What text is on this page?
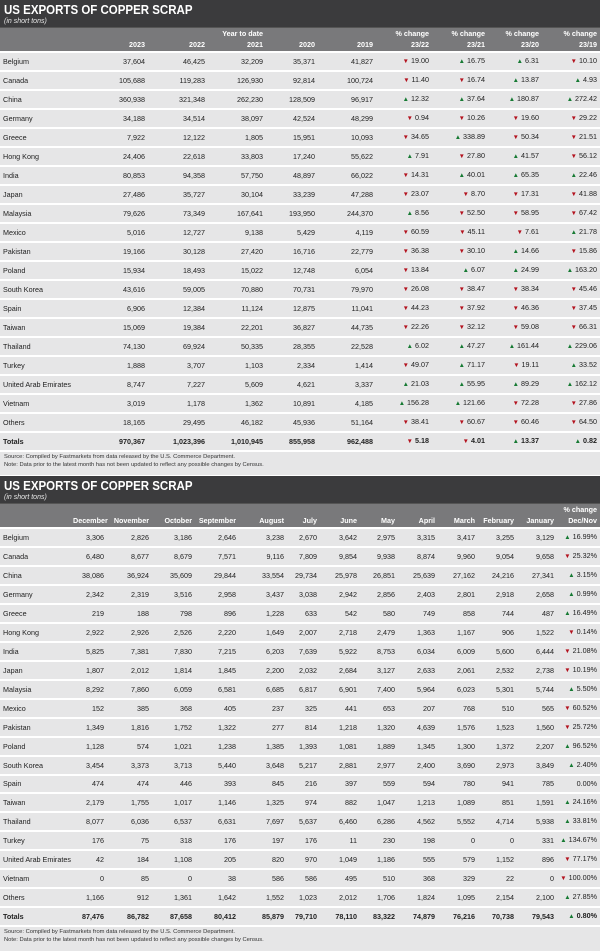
US EXPORTS OF COPPER SCRAP
(in short tons)
			Year to date			% change	% change	% change	% change
	2023	2022	2021	2020	2019	23/22	23/21	23/20	23/19
Belgium	37,604	46,425	32,209	35,371	41,827	▼ 19.00	▲ 16.75	▲ 6.31	▼ 10.10
Canada	105,688	119,283	126,930	92,814	100,724	▼ 11.40	▼ 16.74	▲ 13.87	▲ 4.93
China	360,938	321,348	262,230	128,509	96,917	▲ 12.32	▲ 37.64	▲ 180.87	▲ 272.42
Germany	34,188	34,514	38,097	42,524	48,299	▼ 0.94	▼ 10.26	▼ 19.60	▼ 29.22
Greece	7,922	12,122	1,805	15,951	10,093	▼ 34.65	▲ 338.89	▼ 50.34	▼ 21.51
Hong Kong	24,406	22,618	33,803	17,240	55,622	▲ 7.91	▼ 27.80	▲ 41.57	▼ 56.12
India	80,853	94,358	57,750	48,897	66,022	▼ 14.31	▲ 40.01	▲ 65.35	▲ 22.46
Japan	27,486	35,727	30,104	33,239	47,288	▼ 23.07	▼ 8.70	▼ 17.31	▼ 41.88
Malaysia	79,626	73,349	167,641	193,950	244,370	▲ 8.56	▼ 52.50	▼ 58.95	▼ 67.42
Mexico	5,016	12,727	9,138	5,429	4,119	▼ 60.59	▼ 45.11	▼ 7.61	▲ 21.78
Pakistan	19,166	30,128	27,420	16,716	22,779	▼ 36.38	▼ 30.10	▲ 14.66	▼ 15.86
Poland	15,934	18,493	15,022	12,748	6,054	▼ 13.84	▲ 6.07	▲ 24.99	▲ 163.20
South Korea	43,616	59,005	70,880	70,731	79,970	▼ 26.08	▼ 38.47	▼ 38.34	▼ 45.46
Spain	6,906	12,384	11,124	12,875	11,041	▼ 44.23	▼ 37.92	▼ 46.36	▼ 37.45
Taiwan	15,069	19,384	22,201	36,827	44,735	▼ 22.26	▼ 32.12	▼ 59.08	▼ 66.31
Thailand	74,130	69,924	50,335	28,355	22,528	▲ 6.02	▲ 47.27	▲ 161.44	▲ 229.06
Turkey	1,888	3,707	1,103	2,334	1,414	▼ 49.07	▲ 71.17	▼ 19.11	▲ 33.52
United Arab Emirates	8,747	7,227	5,609	4,621	3,337	▲ 21.03	▲ 55.95	▲ 89.29	▲ 162.12
Vietnam	3,019	1,178	1,362	10,891	4,185	▲ 156.28	▲ 121.66	▼ 72.28	▼ 27.86
Others	18,165	29,495	46,182	45,936	51,164	▼ 38.41	▼ 60.67	▼ 60.46	▼ 64.50
Totals	970,367	1,023,396	1,010,945	855,958	962,488	▼ 5.18	▼ 4.01	▲ 13.37	▲ 0.82
Source: Compiled by Fastmarkets from data released by the U.S. Commerce Department.
Note: Data prior to the latest month has not been updated to reflect any possible changes by Census.
US EXPORTS OF COPPER SCRAP
(in short tons)
													% change
	December	November	October	September	August	July	June	May	April	March	February	January	Dec/Nov
Belgium	3,306	2,826	3,186	2,646	3,238	2,670	3,642	2,975	3,315	3,417	3,255	3,129	▲ 16.99%
Canada	6,480	8,677	8,679	7,571	9,116	7,809	9,854	9,938	8,874	9,960	9,054	9,658	▼ 25.32%
China	38,086	36,924	35,609	29,844	33,554	29,734	25,978	26,851	25,639	27,162	24,216	27,341	▲ 3.15%
Germany	2,342	2,319	3,516	2,958	3,437	3,038	2,942	2,856	2,403	2,801	2,918	2,658	▲ 0.99%
Greece	219	188	798	896	1,228	633	542	580	749	858	744	487	▲ 16.49%
Hong Kong	2,922	2,926	2,526	2,220	1,649	2,007	2,718	2,479	1,363	1,167	906	1,522	▼ 0.14%
India	5,825	7,381	7,830	7,215	6,203	7,639	5,922	8,753	6,034	6,009	5,600	6,444	▼ 21.08%
Japan	1,807	2,012	1,814	1,845	2,200	2,032	2,684	3,127	2,633	2,061	2,532	2,738	▼ 10.19%
Malaysia	8,292	7,860	6,059	6,581	6,685	6,817	6,901	7,400	5,964	6,023	5,301	5,744	▲ 5.50%
Mexico	152	385	368	405	237	325	441	653	207	768	510	565	▼ 60.52%
Pakistan	1,349	1,816	1,752	1,322	277	814	1,218	1,320	4,639	1,576	1,523	1,560	▼ 25.72%
Poland	1,128	574	1,021	1,238	1,385	1,393	1,081	1,889	1,345	1,300	1,372	2,207	▲ 96.52%
South Korea	3,454	3,373	3,713	5,440	3,648	5,217	2,881	2,977	2,400	3,690	2,973	3,849	▲ 2.40%
Spain	474	474	446	393	845	216	397	559	594	780	941	785	0.00%
Taiwan	2,179	1,755	1,017	1,146	1,325	974	882	1,047	1,213	1,089	851	1,591	▲ 24.16%
Thailand	8,077	6,036	6,537	6,631	7,697	5,637	6,460	6,286	4,562	5,552	4,714	5,938	▲ 33.81%
Turkey	176	75	318	176	197	176	11	230	198	0	0	331	▲ 134.67%
United Arab Emirates	42	184	1,108	205	820	970	1,049	1,186	555	579	1,152	896	▼ 77.17%
Vietnam	0	85	0	38	586	586	495	510	368	329	22	0	▼ 100.00%
Others	1,166	912	1,361	1,642	1,552	1,023	2,012	1,706	1,824	1,095	2,154	2,100	▲ 27.85%
Totals	87,476	86,782	87,658	80,412	85,879	79,710	78,110	83,322	74,879	76,216	70,738	79,543	▲ 0.80%
Source: Compiled by Fastmarkets from data released by the U.S. Commerce Department.
Note: Data prior to the latest month has not been updated to reflect any possible changes by Census.
